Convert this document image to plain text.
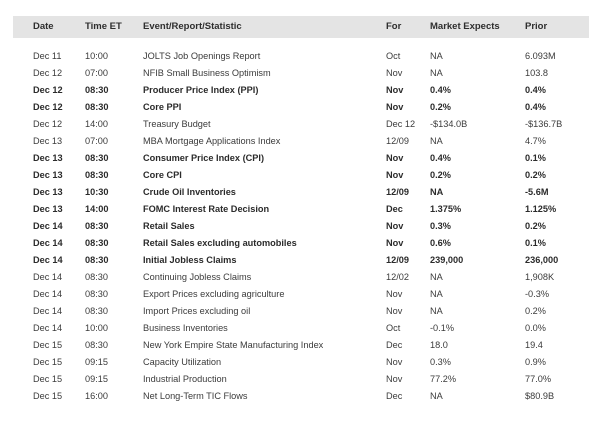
Date	Time ET Event/Report/Statistic	For	Market Expects	Prior
Dec 11	10:00	JOLTS Job Openings Report	Oct	NA	6.093M
Dec 12 07:00	NFIB Small Business Optimism	Nov	NA	103.8
Dec 12 08:30	Producer Price Index (PPI)	Nov	0.4%	0.4%
Dec 12 08:30	Core PPI	Nov	0.2%	0.4%
Dec 12 14:00	Treasury Budget	Dec 12 -$134.0B	-$136.7B
Dec 13 07:00	MBA Mortgage Applications Index	12/09 NA	4.7%
Dec 13 08:30	Consumer Price Index (CPI)	Nov	0.4%	0.1%
Dec 13 08:30	Core CPI	Nov	0.2%	0.2%
Dec 13 10:30	Crude Oil Inventories	12/09 NA	-5.6M
Dec 13 14:00	FOMC Interest Rate Decision	Dec	1.375%	1.125%
Dec 14 08:30	Retail Sales	Nov	0.3%	0.2%
Dec 14 08:30	Retail Sales excluding automobiles	Nov	0.6%	0.1%
Dec 14 08:30	Initial Jobless Claims	12/09 239,000	236,000
Dec 14 08:30	Continuing Jobless Claims	12/02 NA	1,908K
Dec 14 08:30	Export Prices excluding agriculture	Nov	NA	-0.3%
Dec 14 08:30	Import Prices excluding oil	Nov	NA	0.2%
Dec 14 10:00	Business Inventories	Oct	-0.1%	0.0%
Dec 15 08:30	New York Empire State Manufacturing Index	Dec	18.0	19.4
Dec 15 09:15	Capacity Utilization	Nov	0.3%	0.9%
Dec 15 09:15	Industrial Production	Nov	77.2%	77.0%
Dec 15 16:00	Net Long-Term TIC Flows	Dec	NA	$80.9B
